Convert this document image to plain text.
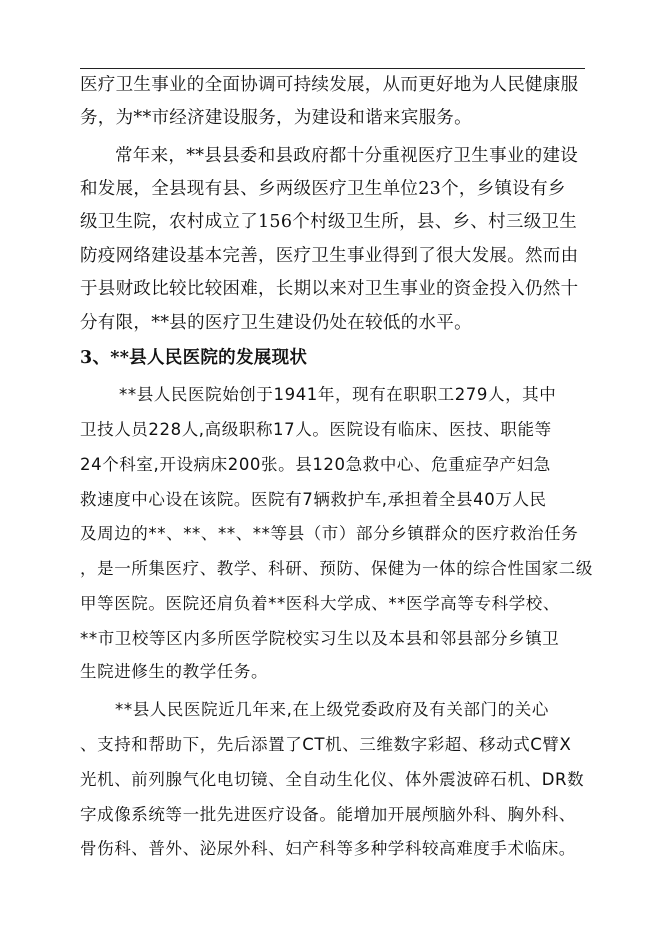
医疗卫生事业的全面协调可持续发展，从而更好地为人民健康服
务，为**市经济建设服务，为建设和谐来宾服务。
常年来，**县县委和县政府都十分重视医疗卫生事业的建设
和发展，全县现有县、乡两级医疗卫生单位23个，乡镇设有乡
级卫生院，农村成立了156个村级卫生所，县、乡、村三级卫生
防疫网络建设基本完善，医疗卫生事业得到了很大发展。然而由
于县财政比较比较困难，长期以来对卫生事业的资金投入仍然十
分有限，**县的医疗卫生建设仍处在较低的水平。
3、**县人民医院的发展现状
**县人民医院始创于1941年，现有在职职工279人，其中
卫技人员228人,高级职称17人。医院设有临床、医技、职能等
24个科室,开设病床200张。县120急救中心、危重症孕产妇急
救速度中心设在该院。医院有7辆救护车,承担着全县40万人民
及周边的**、**、**、**等县（市）部分乡镇群众的医疗救治任务
，是一所集医疗、教学、科研、预防、保健为一体的综合性国家二级
甲等医院。医院还肩负着**医科大学成、**医学高等专科学校、
**市卫校等区内多所医学院校实习生以及本县和邻县部分乡镇卫
生院进修生的教学任务。
**县人民医院近几年来,在上级党委政府及有关部门的关心
、支持和帮助下，先后添置了CT机、三维数字彩超、移动式C臂X
光机、前列腺气化电切镜、全自动生化仪、体外震波碎石机、DR数
字成像系统等一批先进医疗设备。能增加开展颅脑外科、胸外科、
骨伤科、普外、泌尿外科、妇产科等多种学科较高难度手术临床。
